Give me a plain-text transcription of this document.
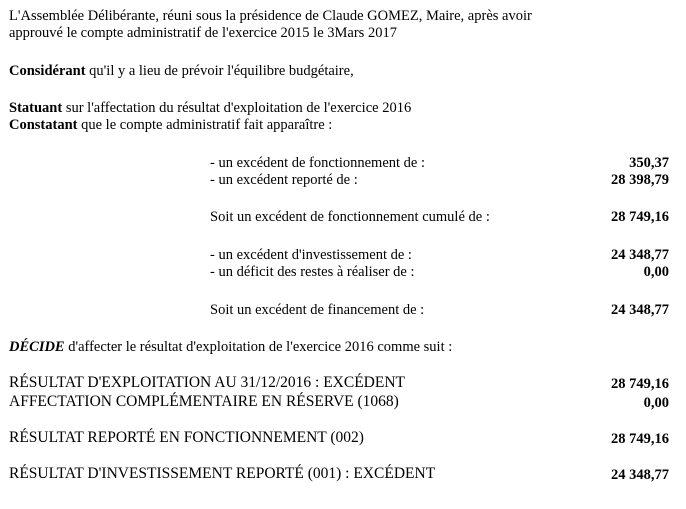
L'Assemblée Délibérante, réuni sous la présidence de Claude GOMEZ, Maire, après avoir
approuvé le compte administratif de l'exercice 2015 le 3Mars 2017
Considérant qu'il y a lieu de prévoir l'équilibre budgétaire,
Statuant sur l'affectation du résultat d'exploitation de l'exercice 2016
Constatant que le compte administratif fait apparaître :
- un excédent de fonctionnement de :	350,37
- un excédent reporté de :	28 398,79
Soit un excédent de fonctionnement cumulé de :	28 749,16
- un excédent d'investissement de :	24 348,77
- un déficit des restes à réaliser de :	0,00
Soit un excédent de financement de :	24 348,77
DÉCIDE d'affecter le résultat d'exploitation de l'exercice 2016 comme suit :
RÉSULTAT D'EXPLOITATION AU 31/12/2016 : EXCÉDENT	28 749,16
AFFECTATION COMPLÉMENTAIRE EN RÉSERVE (1068)	0,00
RÉSULTAT REPORTÉ EN FONCTIONNEMENT (002)	28 749,16
RÉSULTAT D'INVESTISSEMENT REPORTÉ (001) : EXCÉDENT	24 348,77
